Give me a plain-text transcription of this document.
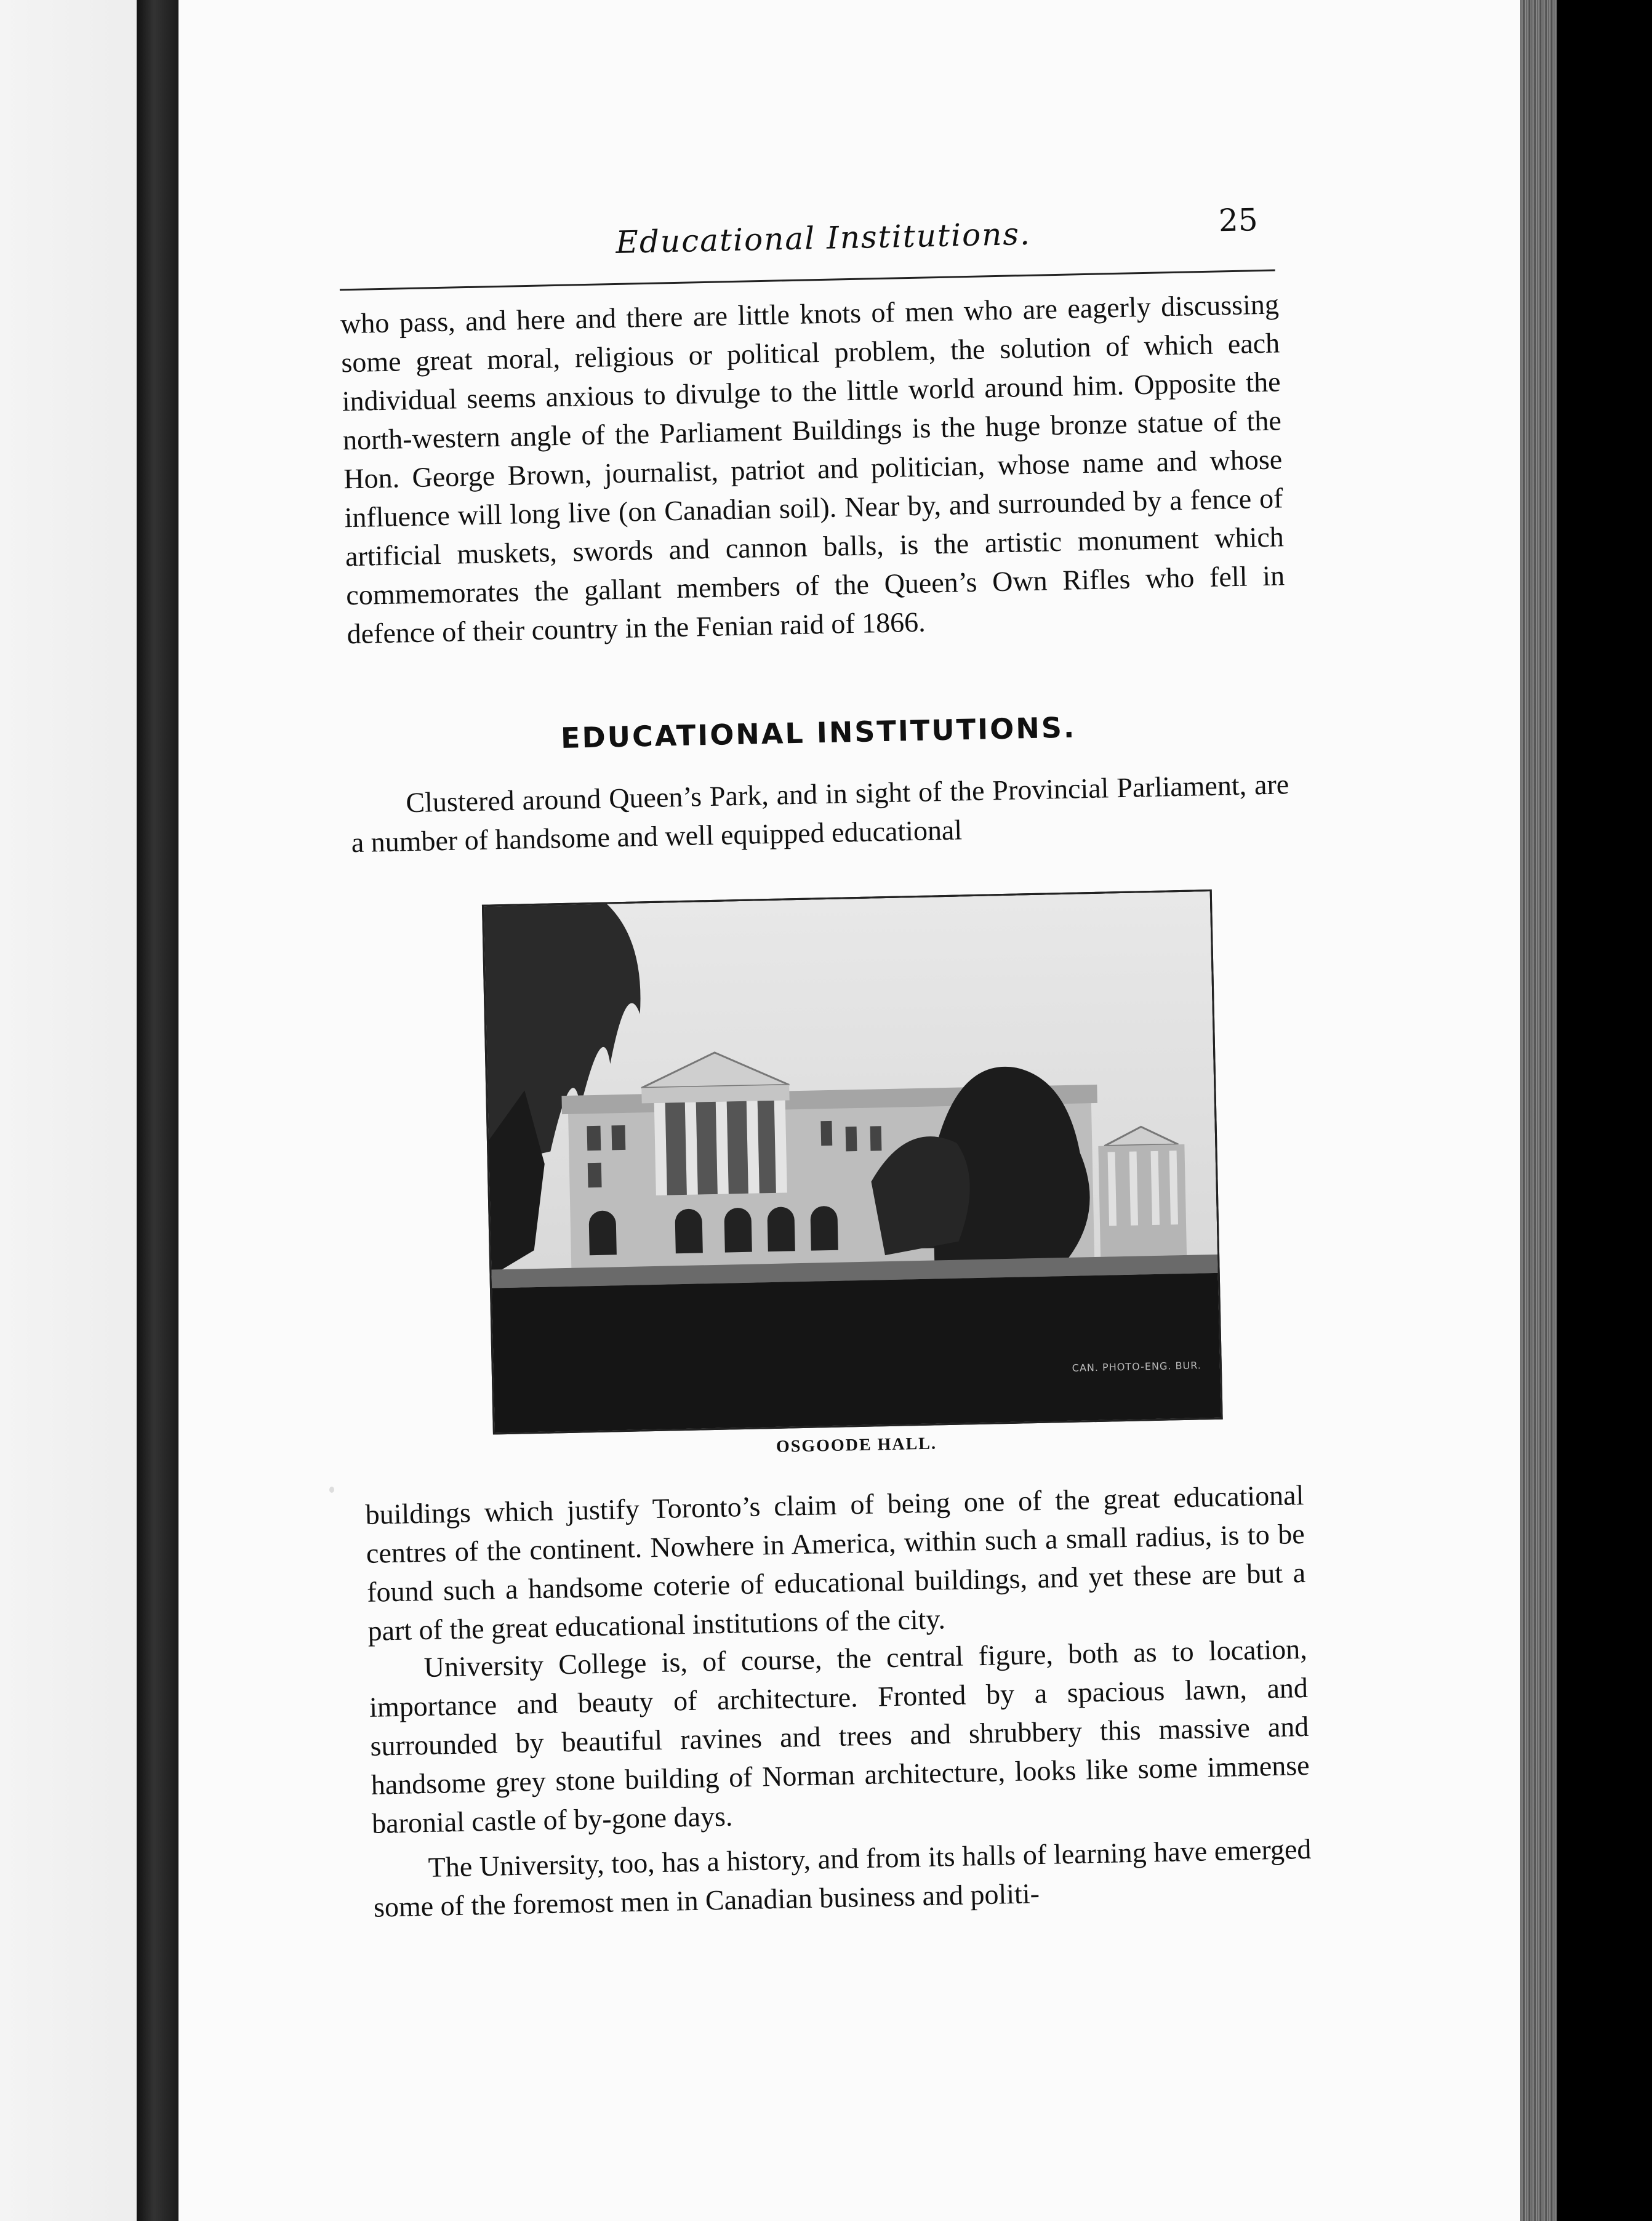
Educational Institutions.	25
who pass, and here and there are little knots of men who are eagerly discussing some great moral, religious or political problem, the solution of which each individual seems anxious to divulge to the little world around him. Opposite the north-western angle of the Parliament Buildings is the huge bronze statue of the Hon. George Brown, journalist, patriot and politician, whose name and whose influence will long live (on Canadian soil). Near by, and surrounded by a fence of artificial muskets, swords and cannon balls, is the artistic monument which commemorates the gallant members of the Queen’s Own Rifles who fell in defence of their country in the Fenian raid of 1866.
EDUCATIONAL INSTITUTIONS.
Clustered around Queen’s Park, and in sight of the Provincial Parliament, are a number of handsome and well equipped educational
CAN. PHOTO-ENG. BUR.
OSGOODE HALL.
buildings which justify Toronto’s claim of being one of the great educational centres of the continent. Nowhere in America, within such a small radius, is to be found such a handsome coterie of educational buildings, and yet these are but a part of the great educational institutions of the city.
University College is, of course, the central figure, both as to location, importance and beauty of architecture. Fronted by a spacious lawn, and surrounded by beautiful ravines and trees and shrubbery this massive and handsome grey stone building of Norman architecture, looks like some immense baronial castle of by-gone days.
The University, too, has a history, and from its halls of learning have emerged some of the foremost men in Canadian business and politi-
